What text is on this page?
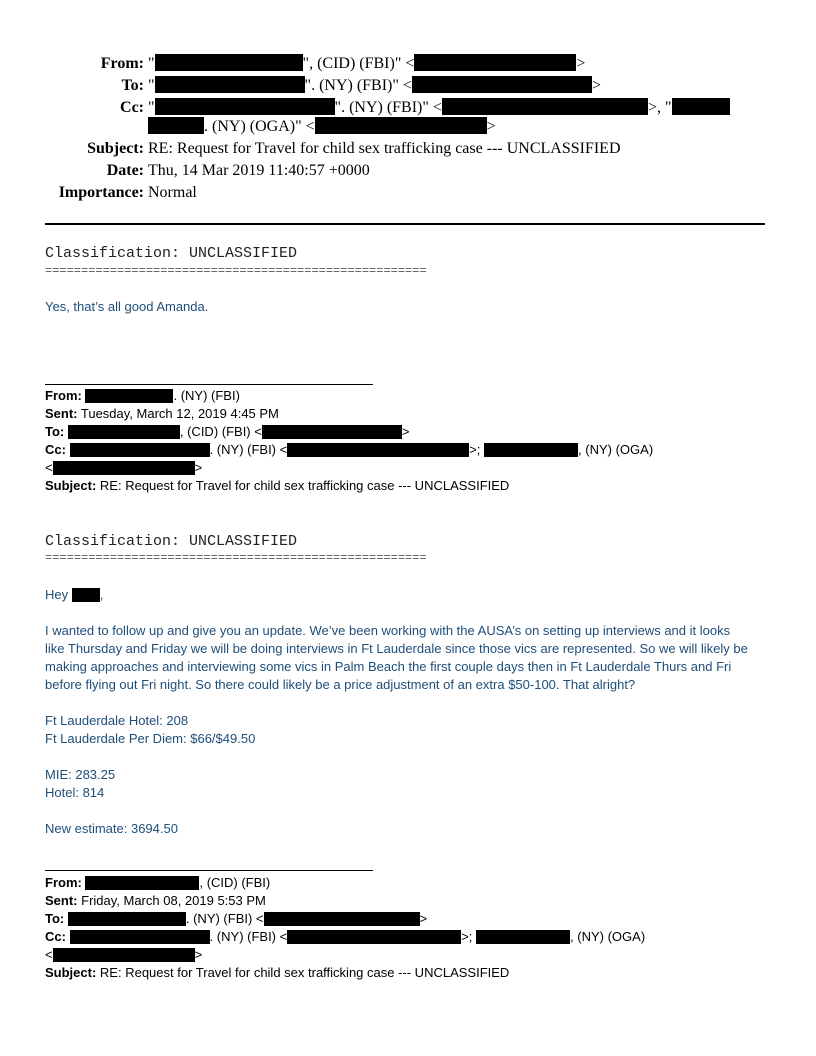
From: "	", (CID) (FBI)" <	>
To: "	". (NY) (FBI)" <	>
Cc: "	". (NY) (FBI)" <	>, "
. (NY) (OGA)" <	>
Subject: RE: Request for Travel for child sex trafficking case --- UNCLASSIFIED
Date: Thu, 14 Mar 2019 11:40:57 +0000
Importance: Normal
Classification: UNCLASSIFIED
=====================================================
Yes, that’s all good Amanda.
From:	. (NY) (FBI)
Sent: Tuesday, March 12, 2019 4:45 PM
To:	, (CID) (FBI) <	>
Cc:	. (NY) (FBI) <	>;	, (NY) (OGA)
<	>
Subject: RE: Request for Travel for child sex trafficking case --- UNCLASSIFIED
Classification: UNCLASSIFIED
=====================================================
Hey ,
I wanted to follow up and give you an update. We’ve been working with the AUSA’s on setting up interviews and it looks
like Thursday and Friday we will be doing interviews in Ft Lauderdale since those vics are represented. So we will likely be
making approaches and interviewing some vics in Palm Beach the first couple days then in Ft Lauderdale Thurs and Fri
before flying out Fri night. So there could likely be a price adjustment of an extra $50-100. That alright?
Ft Lauderdale Hotel: 208
Ft Lauderdale Per Diem: $66/$49.50
MIE: 283.25
Hotel: 814
New estimate: 3694.50
From:	, (CID) (FBI)
Sent: Friday, March 08, 2019 5:53 PM
To:	. (NY) (FBI) <	>
Cc:	. (NY) (FBI) <	>;	, (NY) (OGA)
<	>
Subject: RE: Request for Travel for child sex trafficking case --- UNCLASSIFIED
